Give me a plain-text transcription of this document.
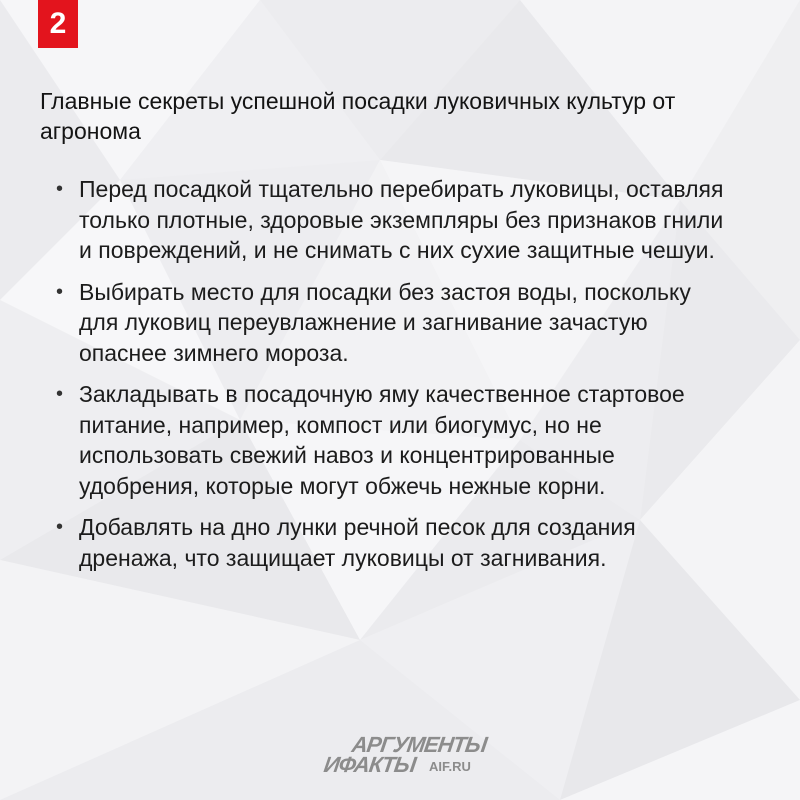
2
Главные секреты успешной посадки луковичных культур от агронома
• Перед посадкой тщательно перебирать луковицы, оставляя только плотные, здоровые экземпляры без признаков гнили и повреждений, и не снимать с них сухие защитные чешуи.
• Выбирать место для посадки без застоя воды, поскольку для луковиц переувлажнение и загнивание зачастую опаснее зимнего мороза.
• Закладывать в посадочную яму качественное стартовое питание, например, компост или биогумус, но не использовать свежий навоз и концентрированные удобрения, которые могут обжечь нежные корни.
• Добавлять на дно лунки речной песок для создания дренажа, что защищает луковицы от загнивания.
АРГУМЕНТЫ
ИФАКТЫ AIF.RU
